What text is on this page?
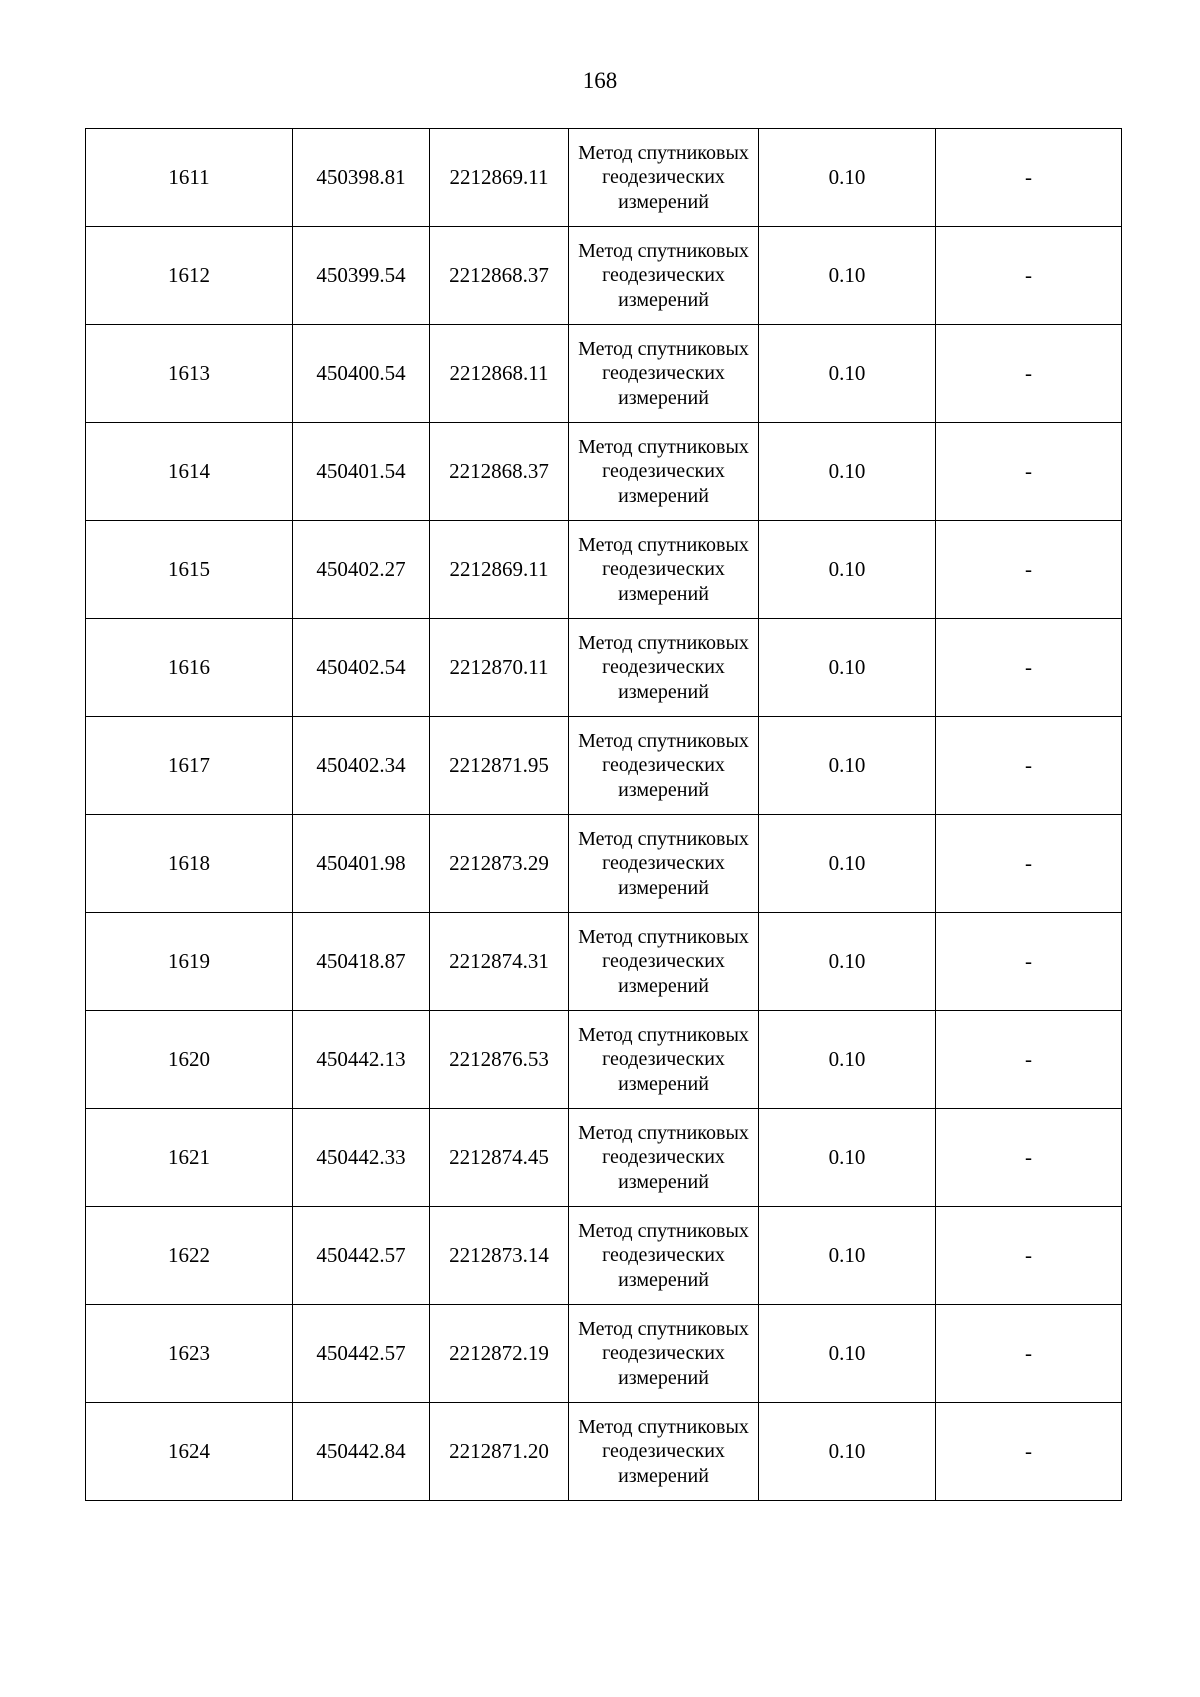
168
1611	450398.81	2212869.11	Метод спутниковых геодезических измерений	0.10	-
1612	450399.54	2212868.37	Метод спутниковых геодезических измерений	0.10	-
1613	450400.54	2212868.11	Метод спутниковых геодезических измерений	0.10	-
1614	450401.54	2212868.37	Метод спутниковых геодезических измерений	0.10	-
1615	450402.27	2212869.11	Метод спутниковых геодезических измерений	0.10	-
1616	450402.54	2212870.11	Метод спутниковых геодезических измерений	0.10	-
1617	450402.34	2212871.95	Метод спутниковых геодезических измерений	0.10	-
1618	450401.98	2212873.29	Метод спутниковых геодезических измерений	0.10	-
1619	450418.87	2212874.31	Метод спутниковых геодезических измерений	0.10	-
1620	450442.13	2212876.53	Метод спутниковых геодезических измерений	0.10	-
1621	450442.33	2212874.45	Метод спутниковых геодезических измерений	0.10	-
1622	450442.57	2212873.14	Метод спутниковых геодезических измерений	0.10	-
1623	450442.57	2212872.19	Метод спутниковых геодезических измерений	0.10	-
1624	450442.84	2212871.20	Метод спутниковых геодезических измерений	0.10	-
